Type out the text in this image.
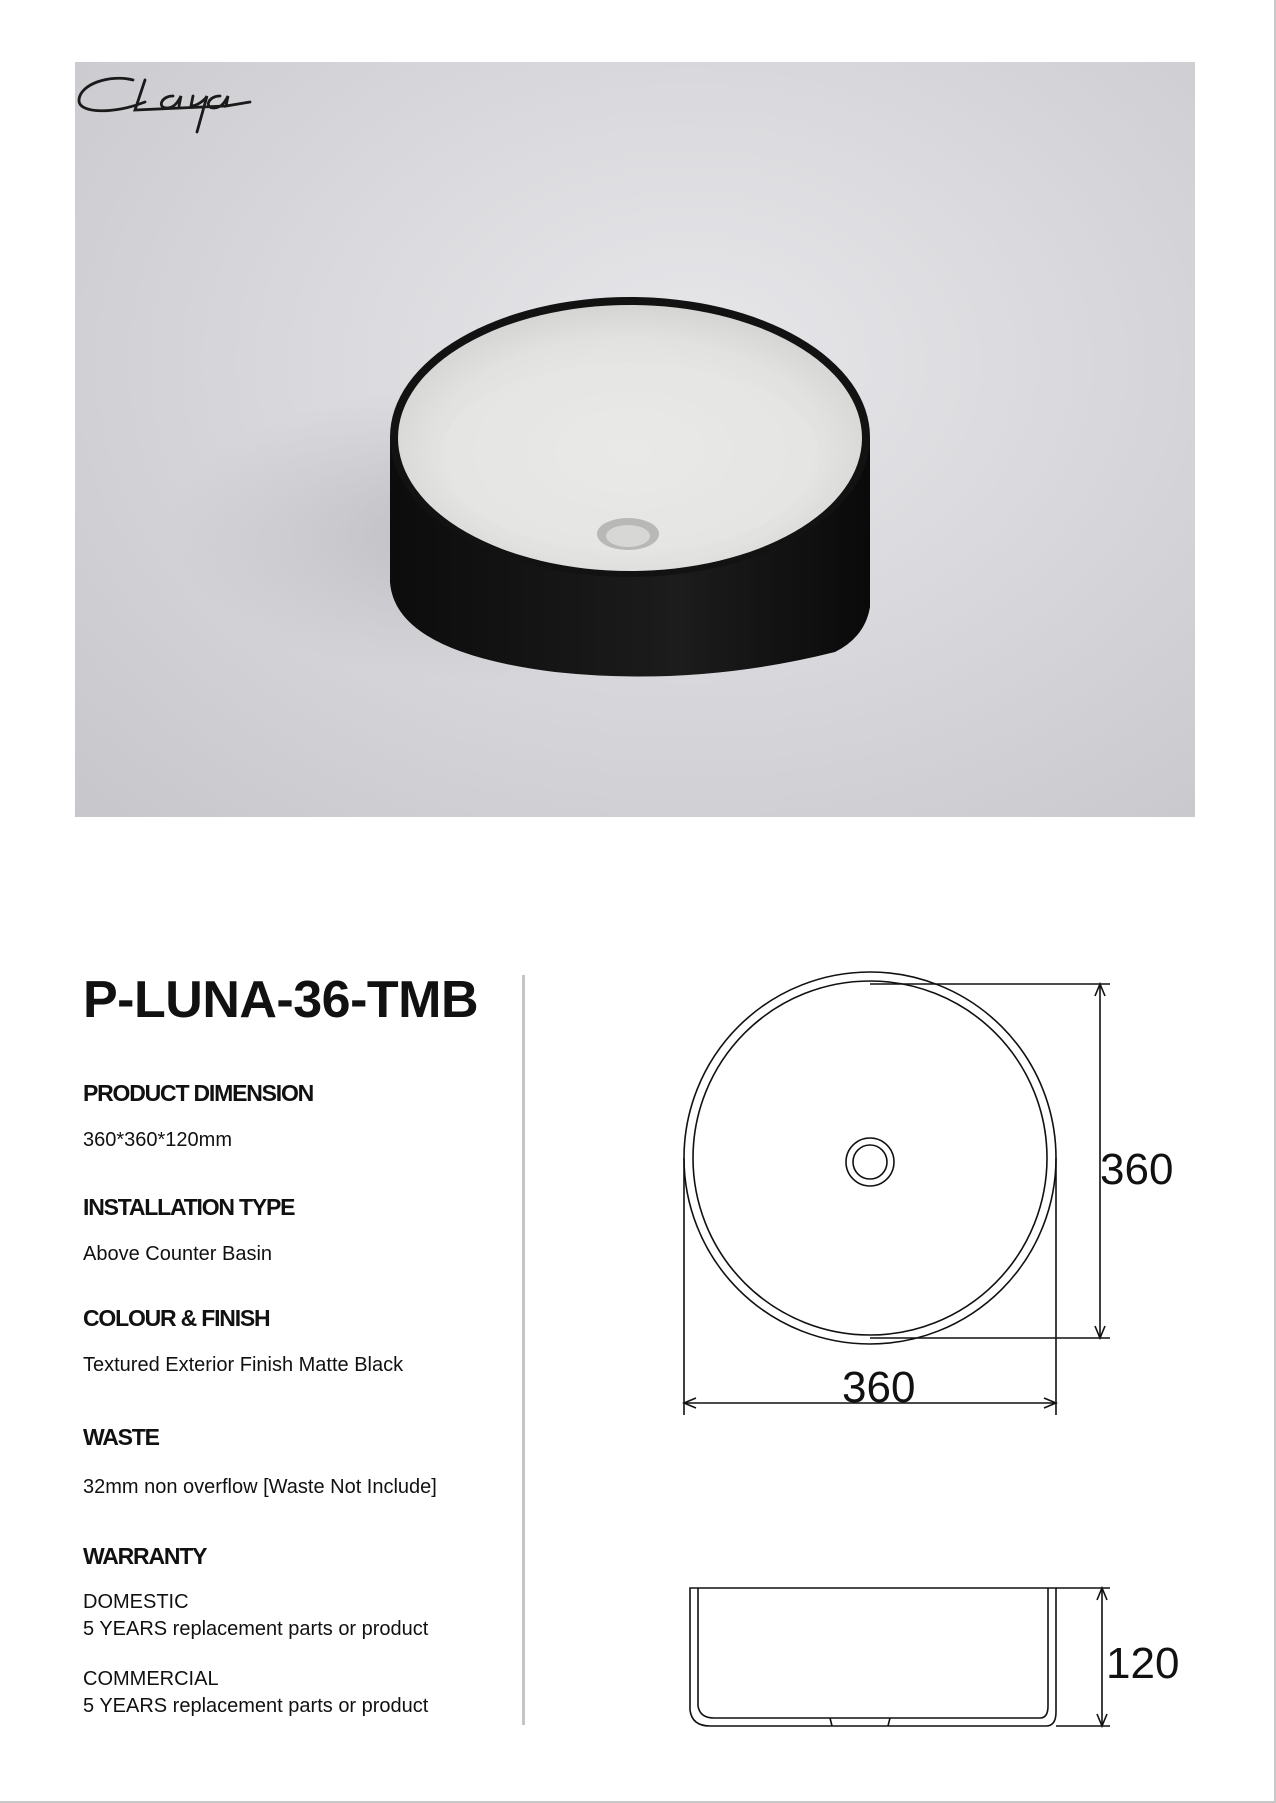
P-LUNA-36-TMB
PRODUCT DIMENSION

360*360*120mm

INSTALLATION TYPE

Above Counter Basin

COLOUR & FINISH

Textured Exterior Finish Matte Black

WASTE

32mm non overflow [Waste Not Include]

WARRANTY

DOMESTIC

5 YEARS replacement parts or product

COMMERCIAL

5 YEARS replacement parts or product

360
360
120
